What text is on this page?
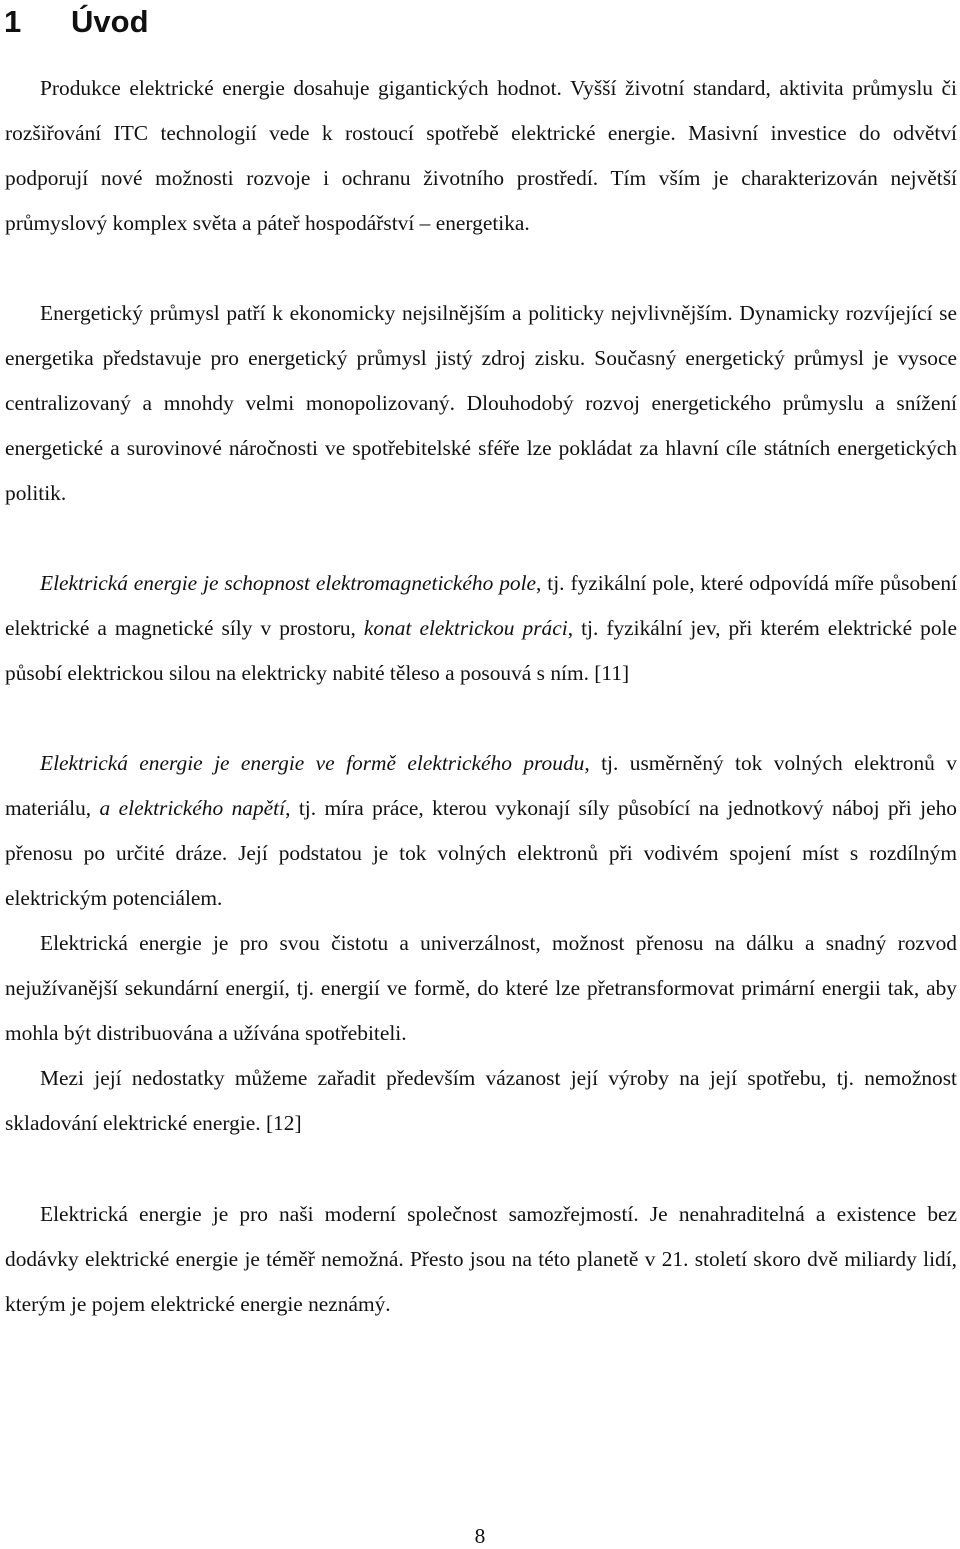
1 Úvod

Produkce elektrické energie dosahuje gigantických hodnot. Vyšší životní standard, aktivita průmyslu či rozšiřování ITC technologií vede k rostoucí spotřebě elektrické energie. Masivní investice do odvětví podporují nové možnosti rozvoje i ochranu životního prostředí. Tím vším je charakterizován největší průmyslový komplex světa a páteř hospodářství – energetika.

Energetický průmysl patří k ekonomicky nejsilnějším a politicky nejvlivnějším. Dynamicky rozvíjející se energetika představuje pro energetický průmysl jistý zdroj zisku. Současný energetický průmysl je vysoce centralizovaný a mnohdy velmi monopolizovaný. Dlouhodobý rozvoj energetického průmyslu a snížení energetické a surovinové náročnosti ve spotřebitelské sféře lze pokládat za hlavní cíle státních energetických politik.

Elektrická energie je schopnost elektromagnetického pole, tj. fyzikální pole, které odpovídá míře působení elektrické a magnetické síly v prostoru, konat elektrickou práci, tj. fyzikální jev, při kterém elektrické pole působí elektrickou silou na elektricky nabité těleso a posouvá s ním. [11]

Elektrická energie je energie ve formě elektrického proudu, tj. usměrněný tok volných elektronů v materiálu, a elektrického napětí, tj. míra práce, kterou vykonají síly působící na jednotkový náboj při jeho přenosu po určité dráze. Její podstatou je tok volných elektronů při vodivém spojení míst s rozdílným elektrickým potenciálem.

Elektrická energie je pro svou čistotu a univerzálnost, možnost přenosu na dálku a snadný rozvod nejužívanější sekundární energií, tj. energií ve formě, do které lze přetransformovat primární energii tak, aby mohla být distribuována a užívána spotřebiteli.

Mezi její nedostatky můžeme zařadit především vázanost její výroby na její spotřebu, tj. nemožnost skladování elektrické energie. [12]

Elektrická energie je pro naši moderní společnost samozřejmostí. Je nenahraditelná a existence bez dodávky elektrické energie je téměř nemožná. Přesto jsou na této planetě v 21. století skoro dvě miliardy lidí, kterým je pojem elektrické energie neznámý.

8
